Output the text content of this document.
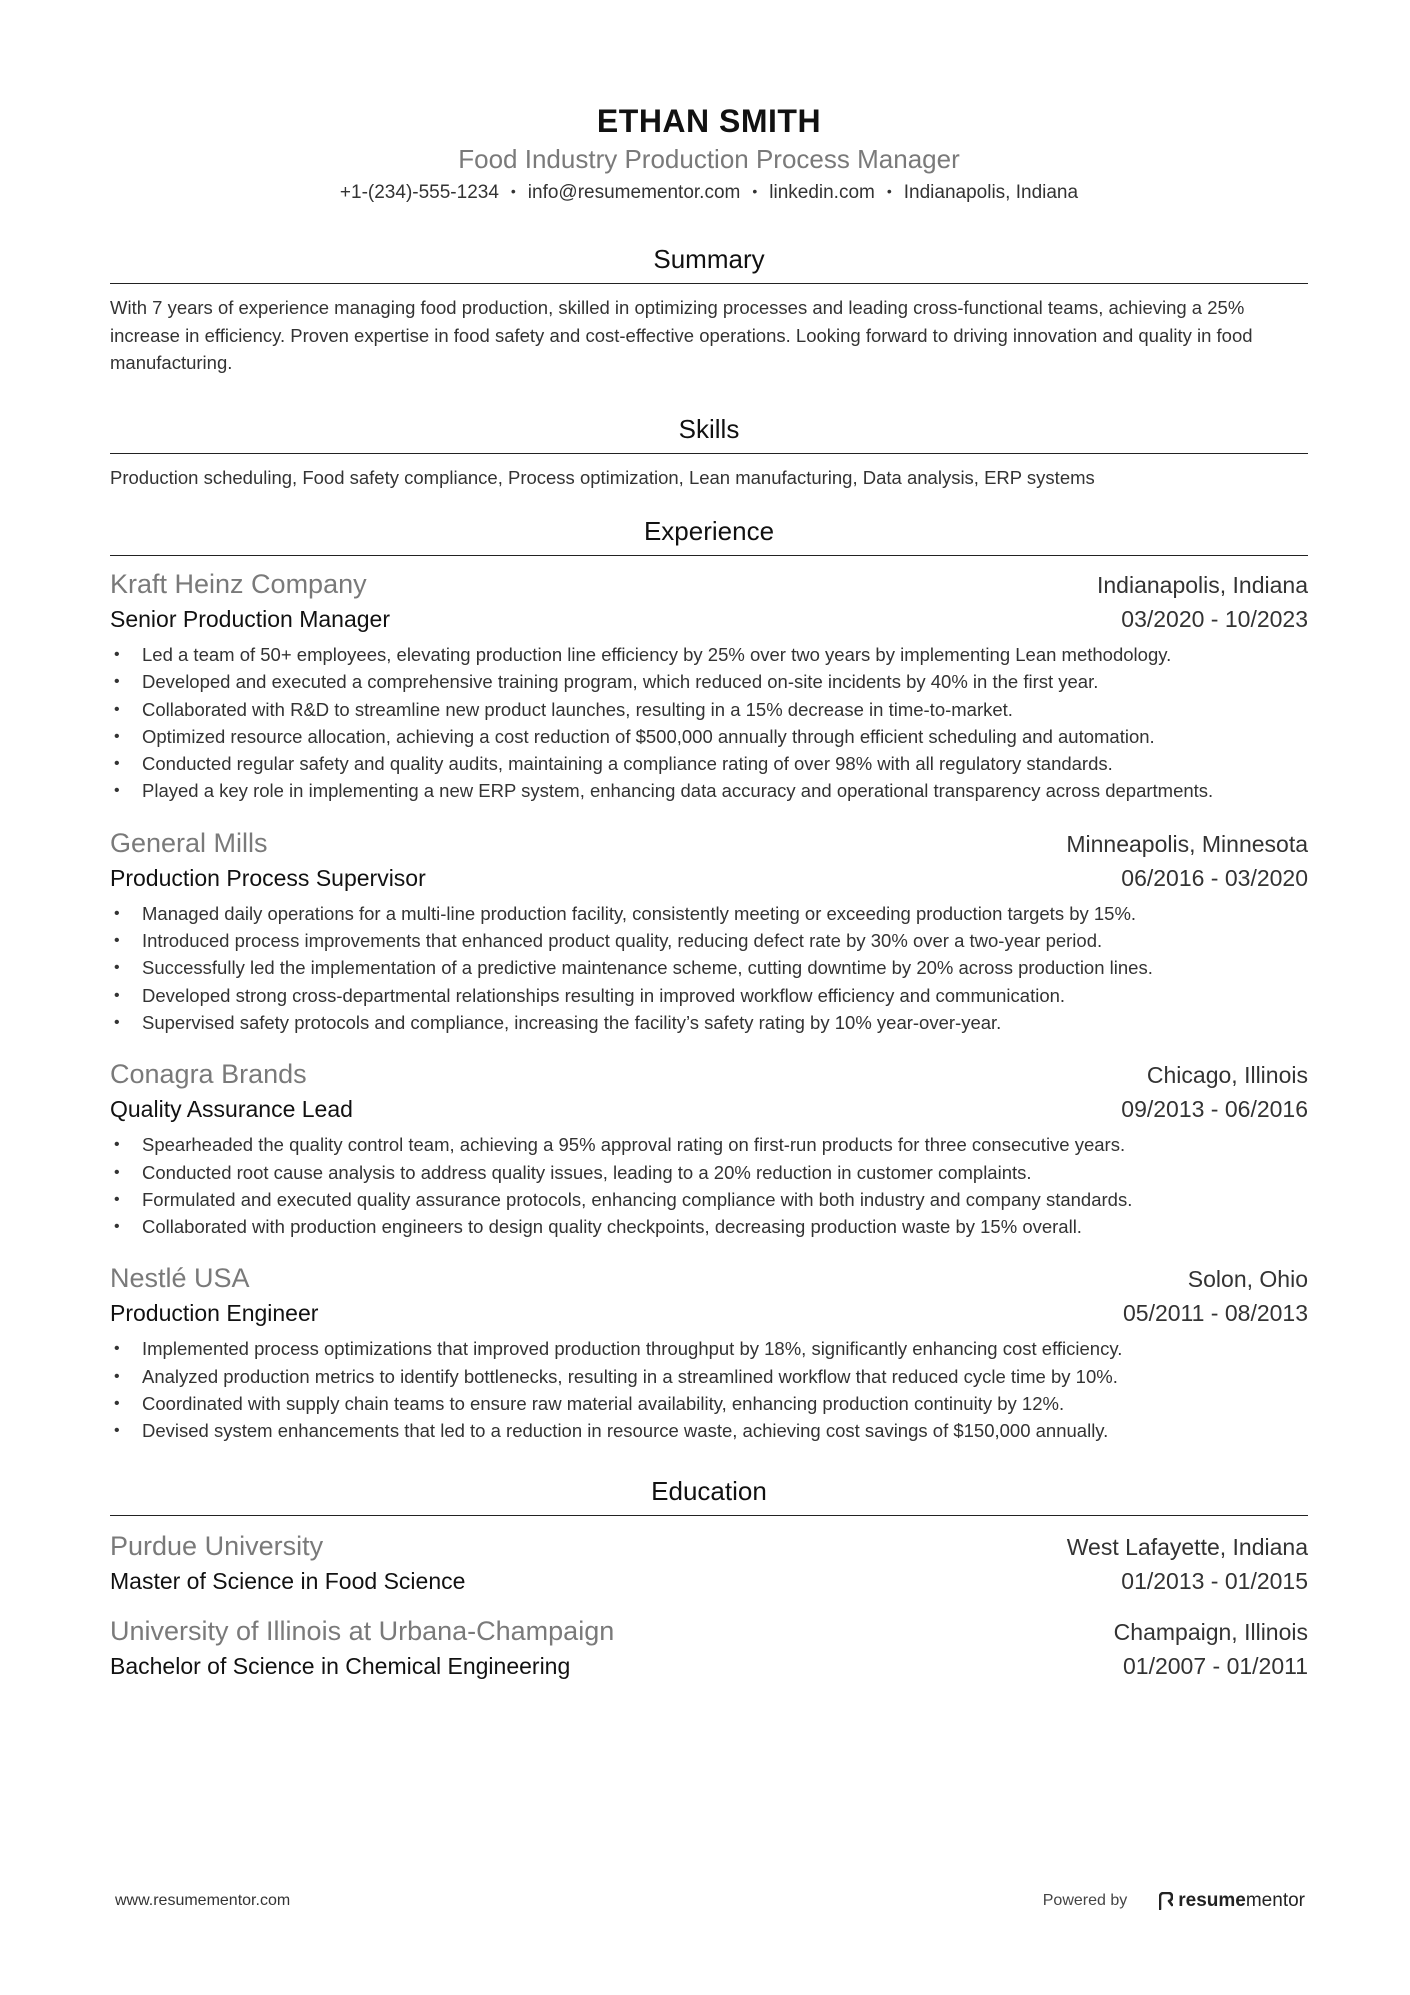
ETHAN SMITH
Food Industry Production Process Manager
+1-(234)-555-1234 • info@resumementor.com • linkedin.com • Indianapolis, Indiana
Summary
With 7 years of experience managing food production, skilled in optimizing processes and leading cross-functional teams, achieving a 25% increase in efficiency. Proven expertise in food safety and cost-effective operations. Looking forward to driving innovation and quality in food manufacturing.
Skills
Production scheduling, Food safety compliance, Process optimization, Lean manufacturing, Data analysis, ERP systems
Experience
Kraft Heinz Company	Indianapolis, Indiana
Senior Production Manager	03/2020 - 10/2023
• Led a team of 50+ employees, elevating production line efficiency by 25% over two years by implementing Lean methodology.
• Developed and executed a comprehensive training program, which reduced on-site incidents by 40% in the first year.
• Collaborated with R&D to streamline new product launches, resulting in a 15% decrease in time-to-market.
• Optimized resource allocation, achieving a cost reduction of $500,000 annually through efficient scheduling and automation.
• Conducted regular safety and quality audits, maintaining a compliance rating of over 98% with all regulatory standards.
• Played a key role in implementing a new ERP system, enhancing data accuracy and operational transparency across departments.
General Mills	Minneapolis, Minnesota
Production Process Supervisor	06/2016 - 03/2020
• Managed daily operations for a multi-line production facility, consistently meeting or exceeding production targets by 15%.
• Introduced process improvements that enhanced product quality, reducing defect rate by 30% over a two-year period.
• Successfully led the implementation of a predictive maintenance scheme, cutting downtime by 20% across production lines.
• Developed strong cross-departmental relationships resulting in improved workflow efficiency and communication.
• Supervised safety protocols and compliance, increasing the facility’s safety rating by 10% year-over-year.
Conagra Brands	Chicago, Illinois
Quality Assurance Lead	09/2013 - 06/2016
• Spearheaded the quality control team, achieving a 95% approval rating on first-run products for three consecutive years.
• Conducted root cause analysis to address quality issues, leading to a 20% reduction in customer complaints.
• Formulated and executed quality assurance protocols, enhancing compliance with both industry and company standards.
• Collaborated with production engineers to design quality checkpoints, decreasing production waste by 15% overall.
Nestlé USA	Solon, Ohio
Production Engineer	05/2011 - 08/2013
• Implemented process optimizations that improved production throughput by 18%, significantly enhancing cost efficiency.
• Analyzed production metrics to identify bottlenecks, resulting in a streamlined workflow that reduced cycle time by 10%.
• Coordinated with supply chain teams to ensure raw material availability, enhancing production continuity by 12%.
• Devised system enhancements that led to a reduction in resource waste, achieving cost savings of $150,000 annually.
Education
Purdue University	West Lafayette, Indiana
Master of Science in Food Science	01/2013 - 01/2015
University of Illinois at Urbana-Champaign	Champaign, Illinois
Bachelor of Science in Chemical Engineering	01/2007 - 01/2011
www.resumementor.com	Powered by	resumementor
